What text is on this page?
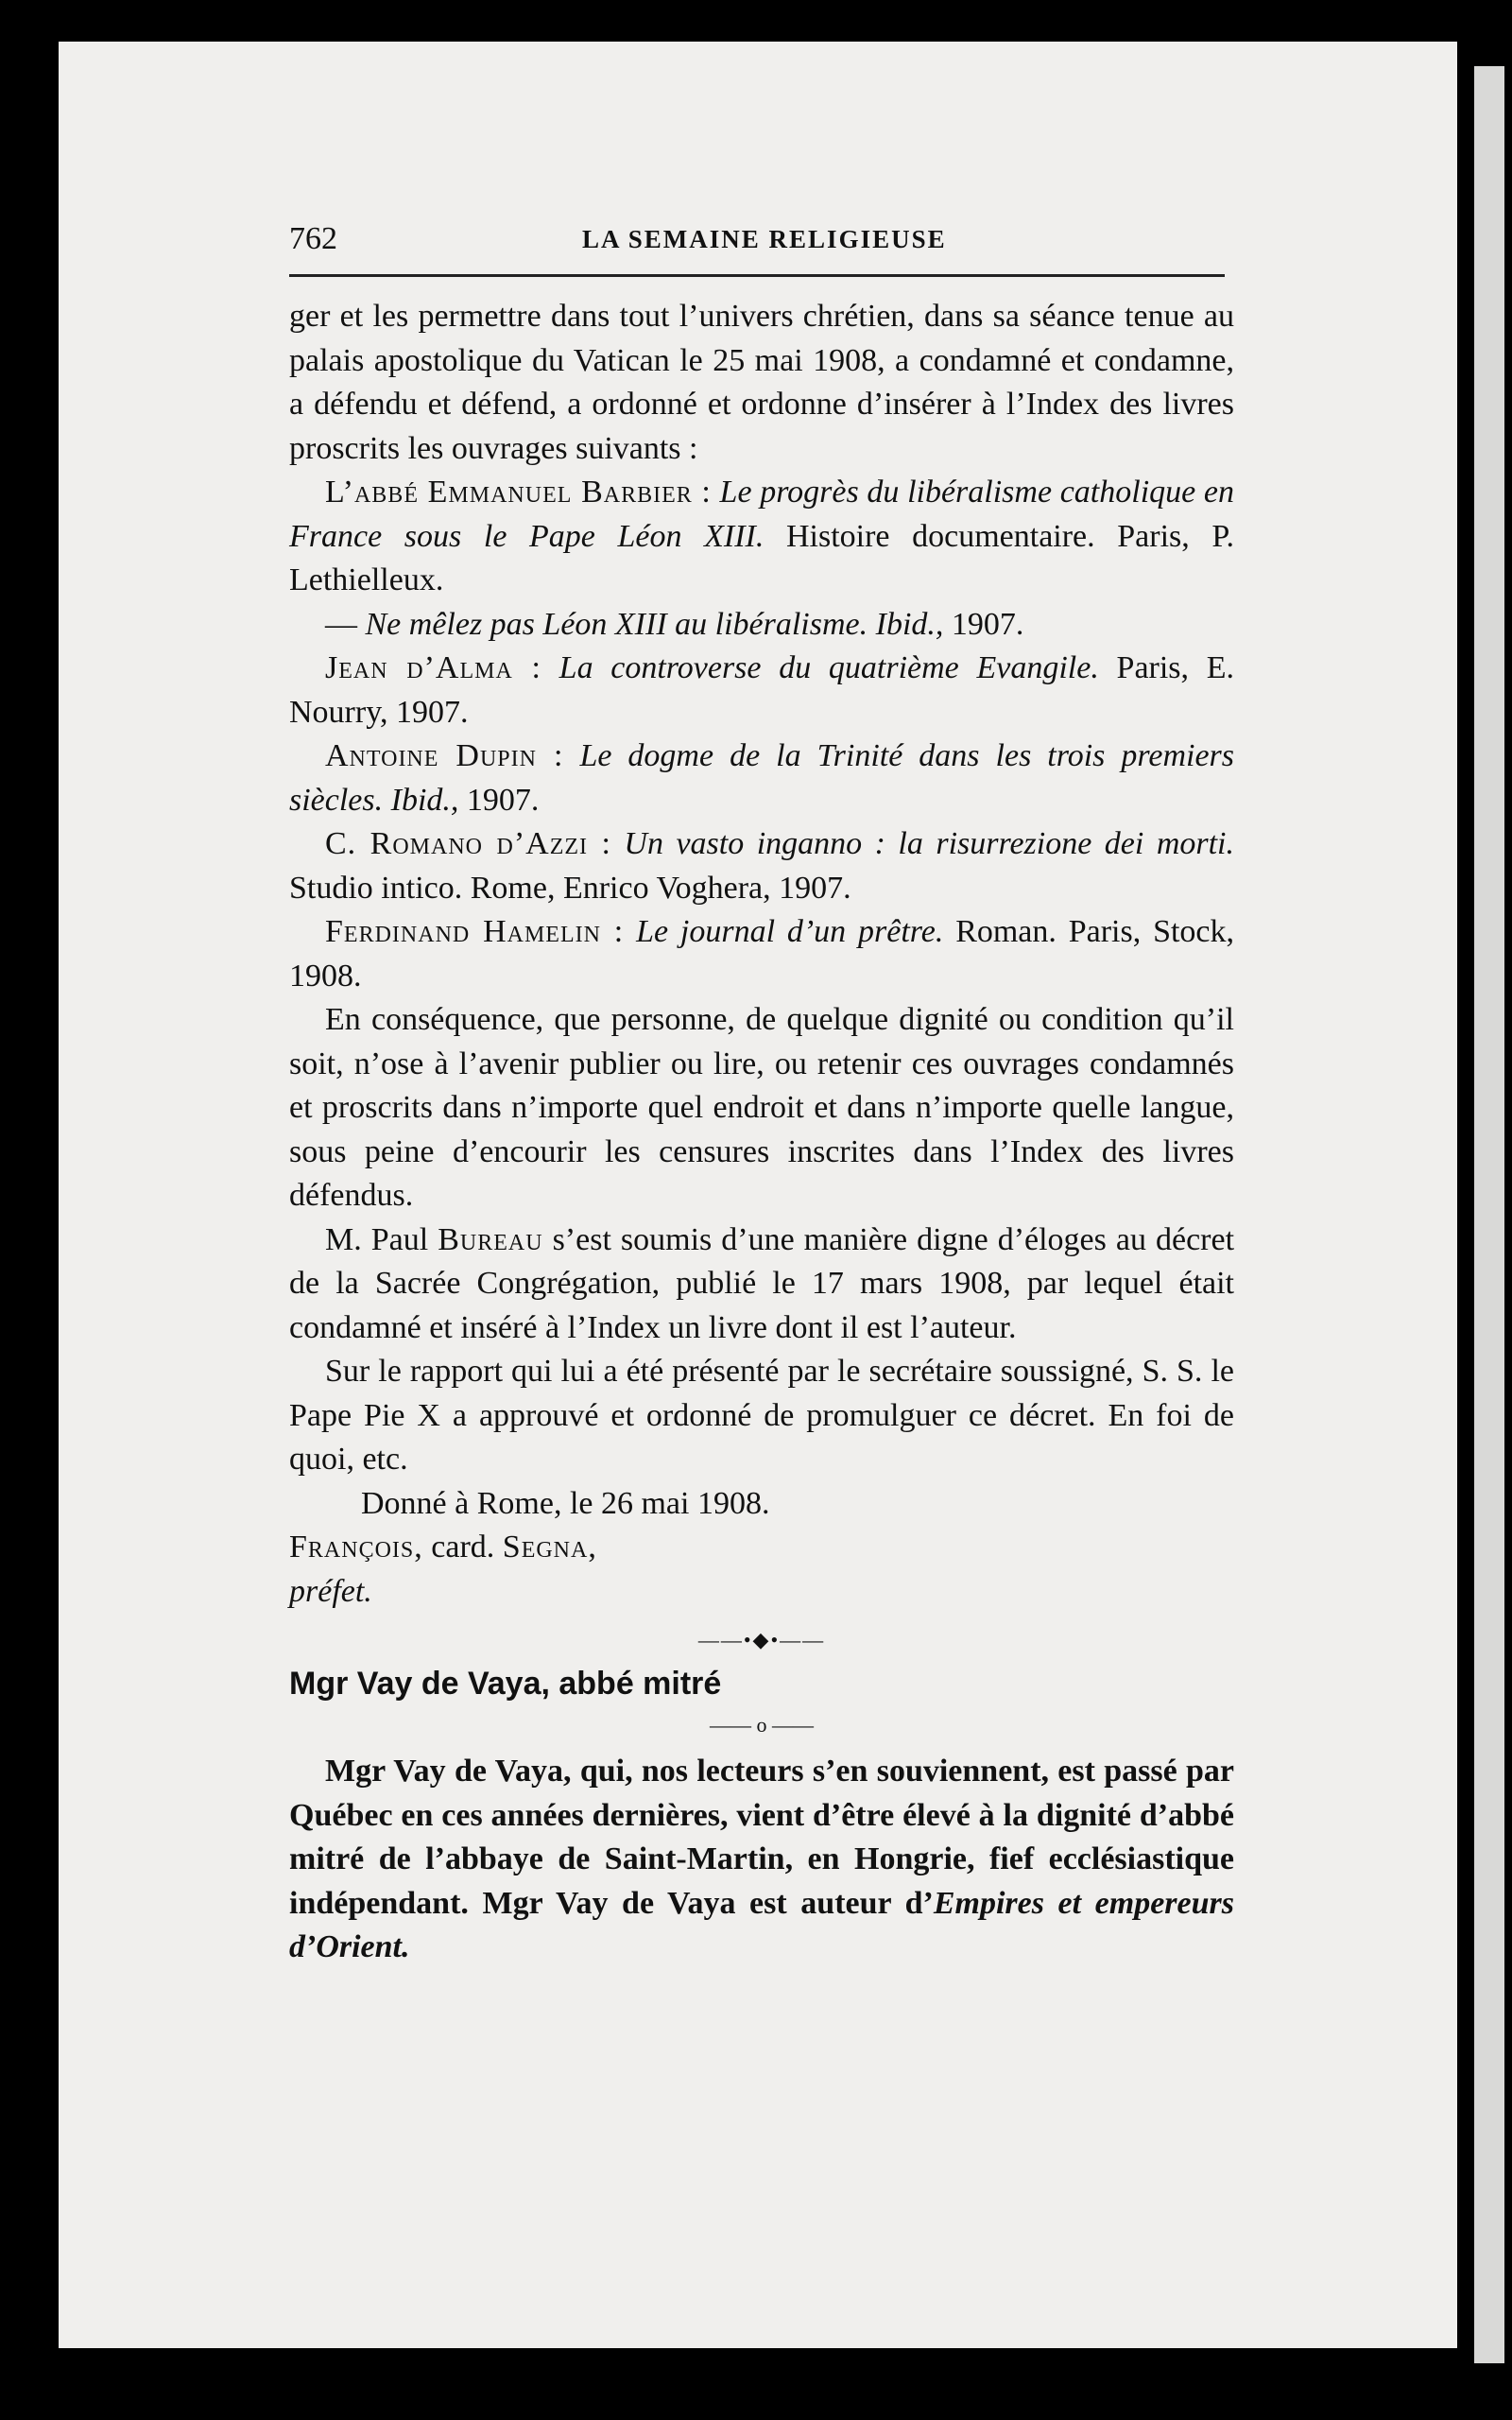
762	LA SEMAINE RELIGIEUSE

ger et les permettre dans tout l’univers chrétien, dans sa séance tenue au palais apostolique du Vatican le 25 mai 1908, a condamné et condamne, a défendu et défend, a ordonné et ordonne d’insérer à l’Index des livres proscrits les ouvrages suivants :

L’abbé Emmanuel Barbier : Le progrès du libéralisme catholique en France sous le Pape Léon XIII. Histoire documentaire. Paris, P. Lethielleux.

— Ne mêlez pas Léon XIII au libéralisme. Ibid., 1907.

Jean d’Alma : La controverse du quatrième Evangile. Paris, E. Nourry, 1907.

Antoine Dupin : Le dogme de la Trinité dans les trois premiers siècles. Ibid., 1907.

C. Romano d’Azzi : Un vasto inganno : la risurrezione dei morti. Studio intico. Rome, Enrico Voghera, 1907.

Ferdinand Hamelin : Le journal d’un prêtre. Roman. Paris, Stock, 1908.

En conséquence, que personne, de quelque dignité ou condition qu’il soit, n’ose à l’avenir publier ou lire, ou retenir ces ouvrages condamnés et proscrits dans n’importe quel endroit et dans n’importe quelle langue, sous peine d’encourir les censures inscrites dans l’Index des livres défendus.

M. Paul Bureau s’est soumis d’une manière digne d’éloges au décret de la Sacrée Congrégation, publié le 17 mars 1908, par lequel était condamné et inséré à l’Index un livre dont il est l’auteur.

Sur le rapport qui lui a été présenté par le secrétaire soussigné, S. S. le Pape Pie X a approuvé et ordonné de promulguer ce décret. En foi de quoi, etc.

Donné à Rome, le 26 mai 1908.

François, card. Segna,

préfet.

——•◆•——

Mgr Vay de Vaya, abbé mitré

—— o ——

Mgr Vay de Vaya, qui, nos lecteurs s’en souviennent, est passé par Québec en ces années dernières, vient d’être élevé à la dignité d’abbé mitré de l’abbaye de Saint-Martin, en Hongrie, fief ecclésiastique indépendant. Mgr Vay de Vaya est auteur d’Empires et empereurs d’Orient.
